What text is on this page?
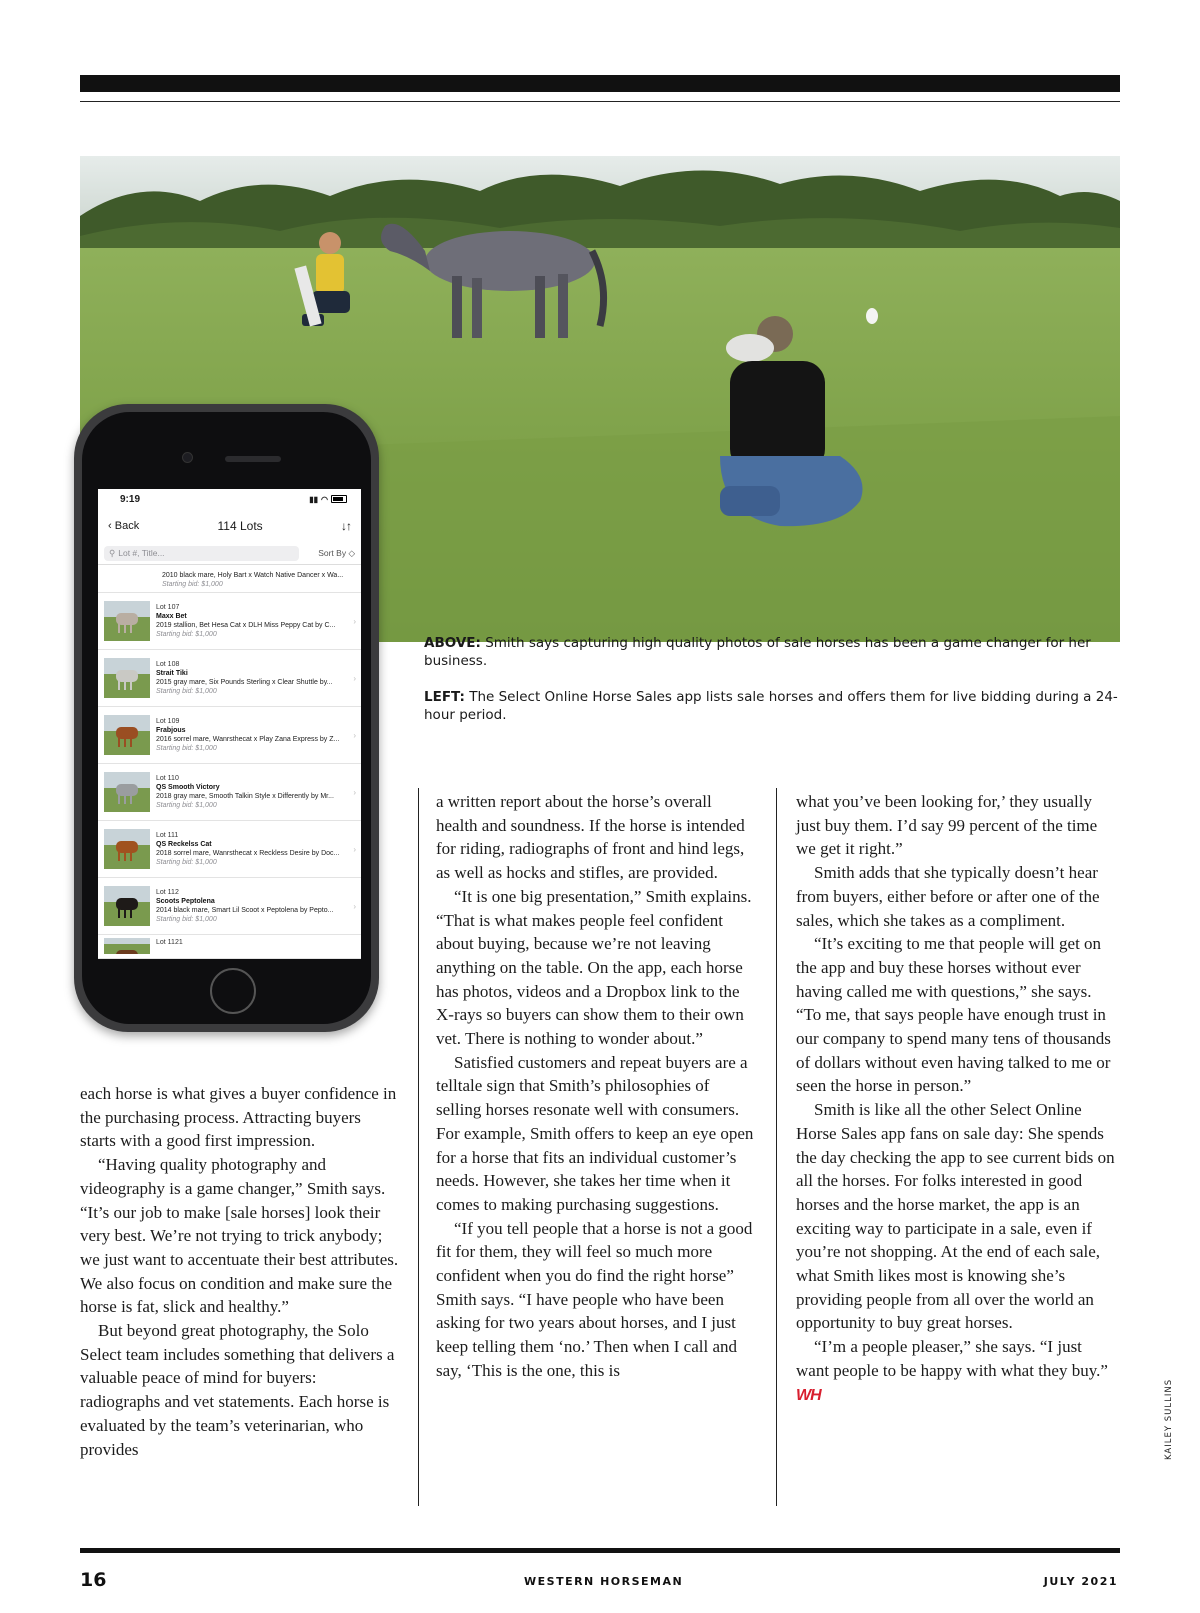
9:19	▮▮ ◠
‹ Back	114 Lots	↓↑
⚲ Lot #, Title...	Sort By ◇
2010 black mare, Holy Bart x Watch Native Dancer x Wa...
Starting bid: $1,000
Lot 107
Maxx Bet
2019 stallion, Bet Hesa Cat x DLH Miss Peppy Cat by C...
Starting bid: $1,000
›
Lot 108
Strait Tiki
2015 gray mare, Six Pounds Sterling x Clear Shuttle by...
Starting bid: $1,000
›
Lot 109
Frabjous
2016 sorrel mare, Wanrsthecat x Play Zana Express by Z...
Starting bid: $1,000
›
Lot 110
QS Smooth Victory
2018 gray mare, Smooth Talkin Style x Differently by Mr...
Starting bid: $1,000
›
Lot 111
QS Reckelss Cat
2018 sorrel mare, Wanrsthecat x Reckless Desire by Doc...
Starting bid: $1,000
›
Lot 112
Scoots Peptolena
2014 black mare, Smart Lil Scoot x Peptolena by Pepto...
Starting bid: $1,000
›
Lot 1121

ABOVE: Smith says capturing high quality photos of sale horses has been a game changer for her business.

LEFT: The Select Online Horse Sales app lists sale horses and offers them for live bidding during a 24-hour period.

each horse is what gives a buyer confidence in the purchasing process. Attracting buyers starts with a good first impression.

“Having quality photography and videography is a game changer,” Smith says. “It’s our job to make [sale horses] look their very best. We’re not trying to trick anybody; we just want to accentuate their best attributes. We also focus on condition and make sure the horse is fat, slick and healthy.”

But beyond great photography, the Solo Select team includes something that delivers a valuable peace of mind for buyers: radiographs and vet statements. Each horse is evaluated by the team’s veterinarian, who provides

a written report about the horse’s overall health and soundness. If the horse is intended for riding, radiographs of front and hind legs, as well as hocks and stifles, are provided.

“It is one big presentation,” Smith explains. “That is what makes people feel confident about buying, because we’re not leaving anything on the table. On the app, each horse has photos, videos and a Dropbox link to the X-rays so buyers can show them to their own vet. There is nothing to wonder about.”

Satisfied customers and repeat buyers are a telltale sign that Smith’s philosophies of selling horses resonate well with consumers. For example, Smith offers to keep an eye open for a horse that fits an individual customer’s needs. However, she takes her time when it comes to making purchasing suggestions.

“If you tell people that a horse is not a good fit for them, they will feel so much more confident when you do find the right horse” Smith says. “I have people who have been asking for two years about horses, and I just keep telling them ‘no.’ Then when I call and say, ‘This is the one, this is

what you’ve been looking for,’ they usually just buy them. I’d say 99 percent of the time we get it right.”

Smith adds that she typically doesn’t hear from buyers, either before or after one of the sales, which she takes as a compliment.

“It’s exciting to me that people will get on the app and buy these horses without ever having called me with questions,” she says. “To me, that says people have enough trust in our company to spend many tens of thousands of dollars without even having talked to me or seen the horse in person.”

Smith is like all the other Select Online Horse Sales app fans on sale day: She spends the day checking the app to see current bids on all the horses. For folks interested in good horses and the horse market, the app is an exciting way to participate in a sale, even if you’re not shopping. At the end of each sale, what Smith likes most is knowing she’s providing people from all over the world an opportunity to buy great horses.

“I’m a people pleaser,” she says. “I just want people to be happy with what they buy.” WH	KAILEY SULLINS
16	WESTERN HORSEMAN	JULY 2021
